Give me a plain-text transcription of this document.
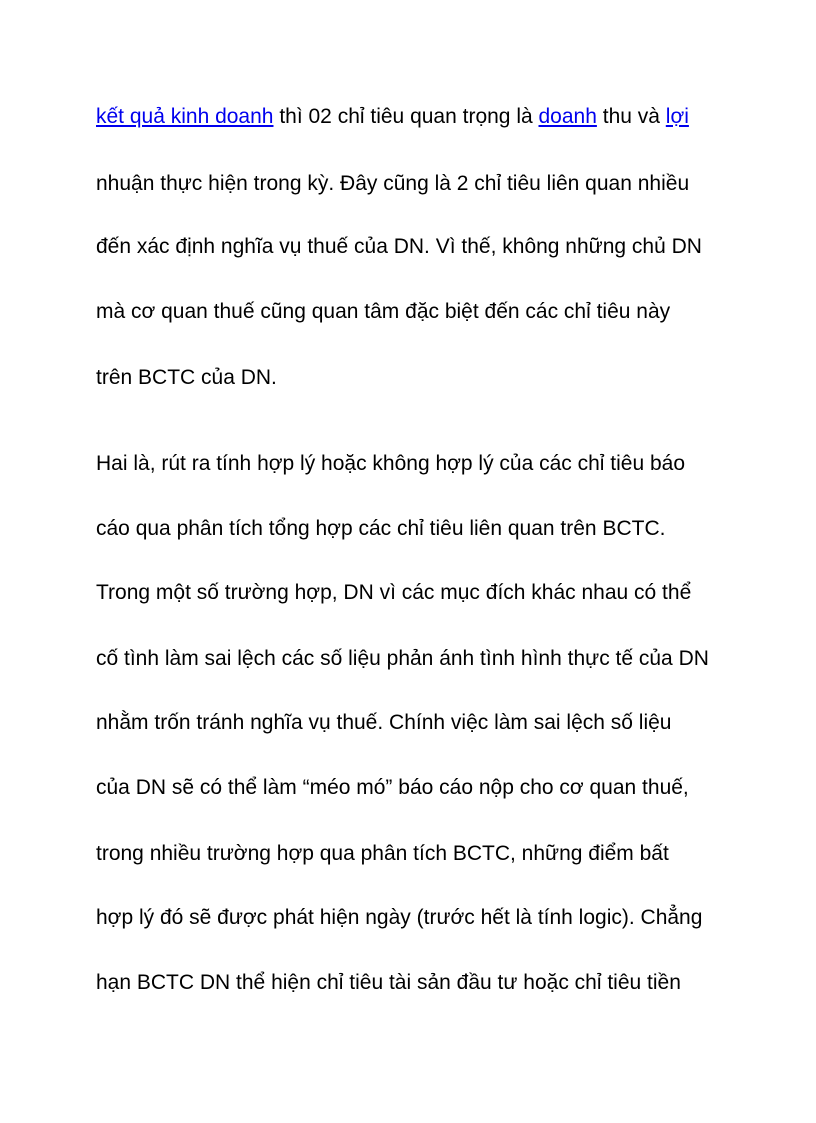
kết quả kinh doanh thì 02 chỉ tiêu quan trọng là doanh thu và lợi
nhuận thực hiện trong kỳ. Đây cũng là 2 chỉ tiêu liên quan nhiều
đến xác định nghĩa vụ thuế của DN. Vì thế, không những chủ DN
mà cơ quan thuế cũng quan tâm đặc biệt đến các chỉ tiêu này
trên BCTC của DN.
Hai là, rút ra tính hợp lý hoặc không hợp lý của các chỉ tiêu báo
cáo qua phân tích tổng hợp các chỉ tiêu liên quan trên BCTC.
Trong một số trường hợp, DN vì các mục đích khác nhau có thể
cố tình làm sai lệch các số liệu phản ánh tình hình thực tế của DN
nhằm trốn tránh nghĩa vụ thuế. Chính việc làm sai lệch số liệu
của DN sẽ có thể làm “méo mó” báo cáo nộp cho cơ quan thuế,
trong nhiều trường hợp qua phân tích BCTC, những điểm bất
hợp lý đó sẽ được phát hiện ngày (trước hết là tính logic). Chẳng
hạn BCTC DN thể hiện chỉ tiêu tài sản đầu tư hoặc chỉ tiêu tiền
